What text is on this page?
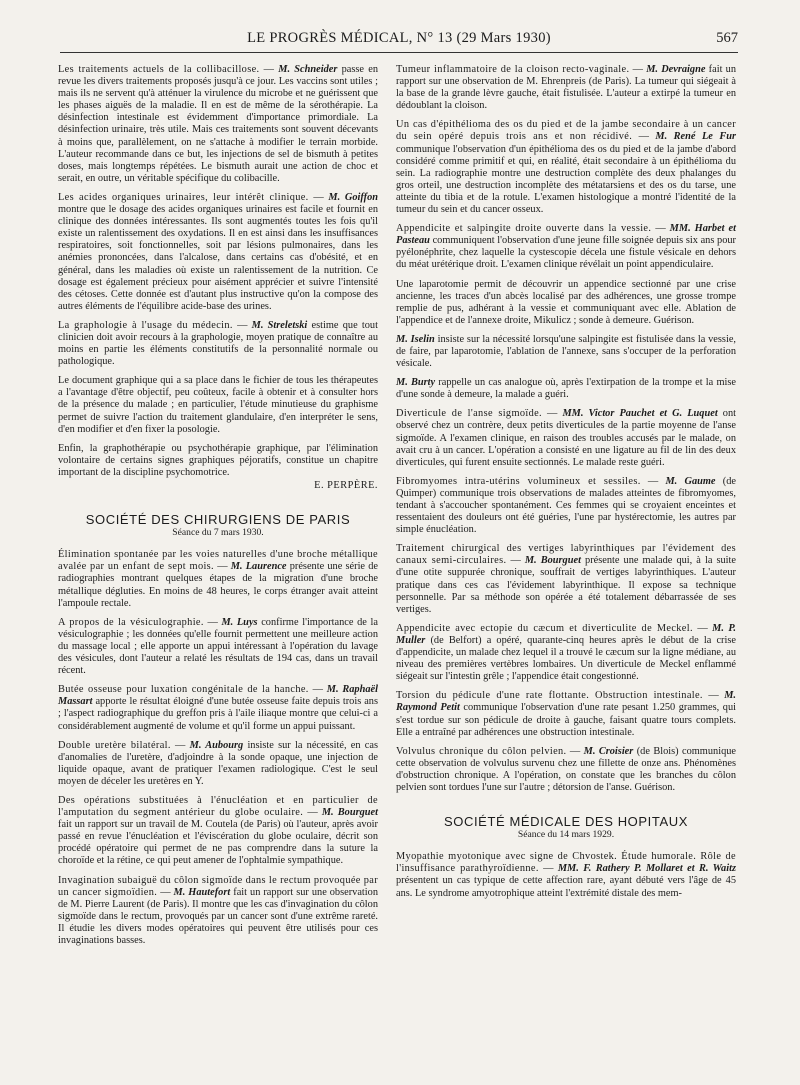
LE PROGRÈS MÉDICAL, N° 13 (29 Mars 1930)	567

Les traitements actuels de la collibacillose. — M. Schneider passe en revue les divers traitements proposés jusqu'à ce jour. Les vaccins sont utiles ; mais ils ne servent qu'à atténuer la virulence du microbe et ne guérissent que les phases aiguës de la maladie. Il en est de même de la sérothérapie. La désinfection intestinale est évidemment d'importance primordiale. La désinfection urinaire, très utile. Mais ces traitements sont souvent décevants à moins que, parallèlement, on ne s'attache à modifier le terrain morbide. L'auteur recommande dans ce but, les injections de sel de bismuth à petites doses, mais longtemps répétées. Le bismuth aurait une action de choc et serait, en outre, un véritable spécifique du colibacille.

Les acides organiques urinaires, leur intérêt clinique. — M. Goiffon montre que le dosage des acides organiques urinaires est facile et fournit en clinique des données intéressantes. Ils sont augmentés toutes les fois qu'il existe un ralentissement des oxydations. Il en est ainsi dans les insuffisances respiratoires, soit fonctionnelles, soit par lésions pulmonaires, dans les anémies prononcées, dans l'alcalose, dans certains cas d'obésité, et en général, dans les maladies où existe un ralentissement de la nutrition. Ce dosage est également précieux pour aisément apprécier et suivre l'intensité des cétoses. Cette donnée est d'autant plus instructive qu'on la compose des autres éléments de l'équilibre acide-base des urines.

La graphologie à l'usage du médecin. — M. Streletski estime que tout clinicien doit avoir recours à la graphologie, moyen pratique de connaître au moins en partie les éléments constitutifs de la personnalité normale ou pathologique.

Le document graphique qui a sa place dans le fichier de tous les thérapeutes a l'avantage d'être objectif, peu coûteux, facile à obtenir et à consulter hors de la présence du malade ; en particulier, l'étude minutieuse du graphisme permet de suivre l'action du traitement glandulaire, d'en interpréter le sens, d'en modifier et d'en fixer la posologie.

Enfin, la graphothérapie ou psychothérapie graphique, par l'élimination volontaire de certains signes graphiques péjoratifs, constitue un chapitre important de la discipline psychomotrice.

E. PERPÈRE.
SOCIÉTÉ DES CHIRURGIENS DE PARIS
Séance du 7 mars 1930.

Élimination spontanée par les voies naturelles d'une broche métallique avalée par un enfant de sept mois. — M. Laurence présente une série de radiographies montrant quelques étapes de la migration d'une broche métallique dégluties. En moins de 48 heures, le corps étranger avait atteint l'ampoule rectale.

A propos de la vésiculographie. — M. Luys confirme l'importance de la vésiculographie ; les données qu'elle fournit permettent une meilleure action du massage local ; elle apporte un appui intéressant à l'opération du lavage des vésicules, dont l'auteur a relaté les résultats de 194 cas, dans un travail récent.

Butée osseuse pour luxation congénitale de la hanche. — M. Raphaël Massart apporte le résultat éloigné d'une butée osseuse faite depuis trois ans ; l'aspect radiographique du greffon pris à l'aile iliaque montre que celui-ci a considérablement augmenté de volume et qu'il forme un appui puissant.

Double uretère bilatéral. — M. Aubourg insiste sur la nécessité, en cas d'anomalies de l'uretère, d'adjoindre à la sonde opaque, une injection de liquide opaque, avant de pratiquer l'examen radiologique. C'est le seul moyen de déceler les uretères en Y.

Des opérations substituées à l'énucléation et en particulier de l'amputation du segment antérieur du globe oculaire. — M. Bourguet fait un rapport sur un travail de M. Coutela (de Paris) où l'auteur, après avoir passé en revue l'énucléation et l'éviscération du globe oculaire, décrit son procédé opératoire qui permet de ne pas comprendre dans la suture la choroïde et la rétine, ce qui peut amener de l'ophtalmie sympathique.

Invagination subaiguë du côlon sigmoïde dans le rectum provoquée par un cancer sigmoïdien. — M. Hautefort fait un rapport sur une observation de M. Pierre Laurent (de Paris). Il montre que les cas d'invagination du côlon sigmoïde dans le rectum, provoqués par un cancer sont d'une extrême rareté. Il étudie les divers modes opératoires qui peuvent être utilisés pour ces invaginations basses.

Tumeur inflammatoire de la cloison recto-vaginale. — M. Devraigne fait un rapport sur une observation de M. Ehrenpreis (de Paris). La tumeur qui siégeait à la base de la grande lèvre gauche, était fistulisée. L'auteur a extirpé la tumeur en dédoublant la cloison.

Un cas d'épithélioma des os du pied et de la jambe secondaire à un cancer du sein opéré depuis trois ans et non récidivé. — M. René Le Fur communique l'observation d'un épithélioma des os du pied et de la jambe d'abord considéré comme primitif et qui, en réalité, était secondaire à un épithélioma du sein. La radiographie montre une destruction complète des deux phalanges du gros orteil, une destruction incomplète des métatarsiens et des os du tarse, une atteinte du tibia et de la rotule. L'examen histologique a montré l'identité de la tumeur du sein et du cancer osseux.

Appendicite et salpingite droite ouverte dans la vessie. — MM. Harbet et Pasteau communiquent l'observation d'une jeune fille soignée depuis six ans pour pyélonéphrite, chez laquelle la cystescopie décela une fistule vésicale en dehors du méat urétérique droit. L'examen clinique révélait un point appendiculaire.

Une laparotomie permit de découvrir un appendice sectionné par une crise ancienne, les traces d'un abcès localisé par des adhérences, une grosse trompe remplie de pus, adhérant à la vessie et communiquant avec elle. Ablation de l'appendice et de l'annexe droite, Mikulicz ; sonde à demeure. Guérison.

M. Iselin insiste sur la nécessité lorsqu'une salpingite est fistulisée dans la vessie, de faire, par laparotomie, l'ablation de l'annexe, sans s'occuper de la perforation vésicale.

M. Burty rappelle un cas analogue où, après l'extirpation de la trompe et la mise d'une sonde à demeure, la malade a guéri.

Diverticule de l'anse sigmoïde. — MM. Victor Pauchet et G. Luquet ont observé chez un contrère, deux petits diverticules de la partie moyenne de l'anse sigmoïde. A l'examen clinique, en raison des troubles accusés par le malade, on avait cru à un cancer. L'opération a consisté en une ligature au fil de lin des deux diverticules, qui furent ensuite sectionnés. Le malade reste guéri.

Fibromyomes intra-utérins volumineux et sessiles. — M. Gaume (de Quimper) communique trois observations de malades atteintes de fibromyomes, tendant à s'accoucher spontanément. Ces femmes qui se croyaient enceintes et ressentaient des douleurs ont été guéries, l'une par hystérectomie, les autres par simple énucléation.

Traitement chirurgical des vertiges labyrinthiques par l'évidement des canaux semi-circulaires. — M. Bourguet présente une malade qui, à la suite d'une otite suppurée chronique, souffrait de vertiges labyrinthiques. L'auteur pratique dans ces cas l'évidement labyrinthique. Il expose sa technique personnelle. Par sa méthode son opérée a été totalement débarrassée de ses vertiges.

Appendicite avec ectopie du cæcum et diverticulite de Meckel. — M. P. Muller (de Belfort) a opéré, quarante-cinq heures après le début de la crise d'appendicite, un malade chez lequel il a trouvé le cæcum sur la ligne médiane, au niveau des premières vertèbres lombaires. Un diverticule de Meckel enflammé siégeait sur l'intestin grêle ; l'appendice était congestionné.

Torsion du pédicule d'une rate flottante. Obstruction intestinale. — M. Raymond Petit communique l'observation d'une rate pesant 1.250 grammes, qui s'est tordue sur son pédicule de droite à gauche, faisant quatre tours complets. Elle a entraîné par adhérences une obstruction intestinale.

Volvulus chronique du côlon pelvien. — M. Croisier (de Blois) communique cette observation de volvulus survenu chez une fillette de onze ans. Phénomènes d'obstruction chronique. A l'opération, on constate que les branches du côlon pelvien sont tordues l'une sur l'autre ; détorsion de l'anse. Guérison.

SOCIÉTÉ MÉDICALE DES HOPITAUX
Séance du 14 mars 1929.

Myopathie myotonique avec signe de Chvostek. Étude humorale. Rôle de l'insuffisance parathyroïdienne. — MM. F. Rathery P. Mollaret et R. Waitz présentent un cas typique de cette affection rare, ayant débuté vers l'âge de 45 ans. Le syndrome amyotrophique atteint l'extrémité distale des mem-
